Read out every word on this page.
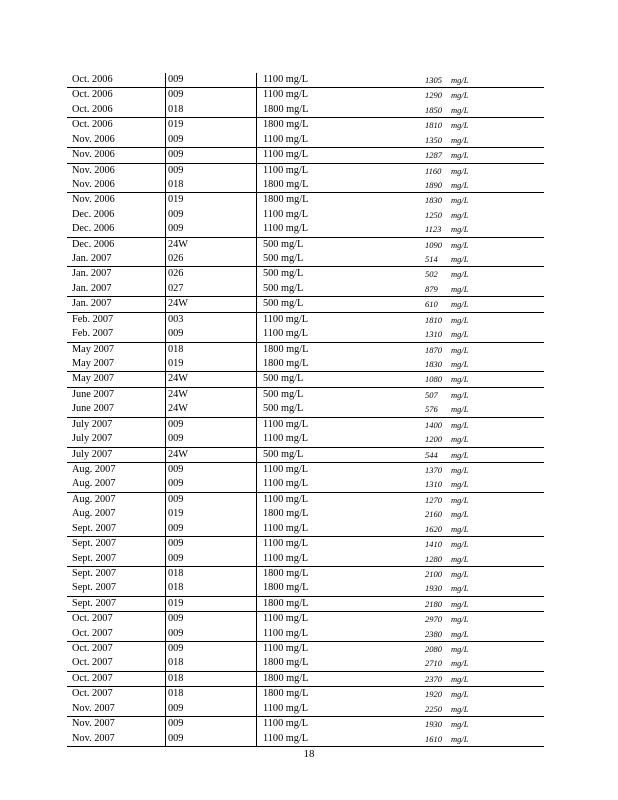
Oct. 2006	009	1100 mg/L	1305 mg/L
Oct. 2006	009	1100 mg/L	1290 mg/L
Oct. 2006	018	1800 mg/L	1850 mg/L
Oct. 2006	019	1800 mg/L	1810 mg/L
Nov. 2006	009	1100 mg/L	1350 mg/L
Nov. 2006	009	1100 mg/L	1287 mg/L
Nov. 2006	009	1100 mg/L	1160 mg/L
Nov. 2006	018	1800 mg/L	1890 mg/L
Nov. 2006	019	1800 mg/L	1830 mg/L
Dec. 2006	009	1100 mg/L	1250 mg/L
Dec. 2006	009	1100 mg/L	1123 mg/L
Dec. 2006	24W	500 mg/L	1090 mg/L
Jan. 2007	026	500 mg/L	514 mg/L
Jan. 2007	026	500 mg/L	502 mg/L
Jan. 2007	027	500 mg/L	879 mg/L
Jan. 2007	24W	500 mg/L	610 mg/L
Feb. 2007	003	1100 mg/L	1810 mg/L
Feb. 2007	009	1100 mg/L	1310 mg/L
May 2007	018	1800 mg/L	1870 mg/L
May 2007	019	1800 mg/L	1830 mg/L
May 2007	24W	500 mg/L	1080 mg/L
June 2007	24W	500 mg/L	507 mg/L
June 2007	24W	500 mg/L	576 mg/L
July 2007	009	1100 mg/L	1400 mg/L
July 2007	009	1100 mg/L	1200 mg/L
July 2007	24W	500 mg/L	544 mg/L
Aug. 2007	009	1100 mg/L	1370 mg/L
Aug. 2007	009	1100 mg/L	1310 mg/L
Aug. 2007	009	1100 mg/L	1270 mg/L
Aug. 2007	019	1800 mg/L	2160 mg/L
Sept. 2007	009	1100 mg/L	1620 mg/L
Sept. 2007	009	1100 mg/L	1410 mg/L
Sept. 2007	009	1100 mg/L	1280 mg/L
Sept. 2007	018	1800 mg/L	2100 mg/L
Sept. 2007	018	1800 mg/L	1930 mg/L
Sept. 2007	019	1800 mg/L	2180 mg/L
Oct. 2007	009	1100 mg/L	2970 mg/L
Oct. 2007	009	1100 mg/L	2380 mg/L
Oct. 2007	009	1100 mg/L	2080 mg/L
Oct. 2007	018	1800 mg/L	2710 mg/L
Oct. 2007	018	1800 mg/L	2370 mg/L
Oct. 2007	018	1800 mg/L	1920 mg/L
Nov. 2007	009	1100 mg/L	2250 mg/L
Nov. 2007	009	1100 mg/L	1930 mg/L
Nov. 2007	009	1100 mg/L	1610 mg/L
18
